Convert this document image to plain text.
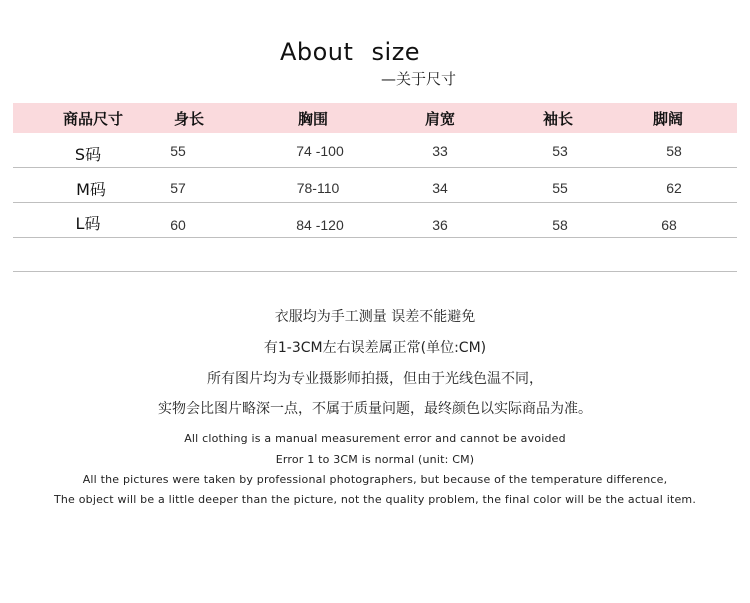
About size
—关于尺寸
商品尺寸	身长	胸围	肩宽	袖长	脚阔
S码	55	74 -100	33	53	58
M码	57	78-110	34	55	62
L码	60	84 -120	36	58	68
衣服均为手工测量 误差不能避免
有1-3CM左右误差属正常(单位:CM)
所有图片均为专业摄影师拍摄，但由于光线色温不同，
实物会比图片略深一点，不属于质量问题，最终颜色以实际商品为准。
All clothing is a manual measurement error and cannot be avoided
Error 1 to 3CM is normal (unit: CM)
All the pictures were taken by professional photographers, but because of the temperature difference,
The object will be a little deeper than the picture, not the quality problem, the final color will be the actual item.
